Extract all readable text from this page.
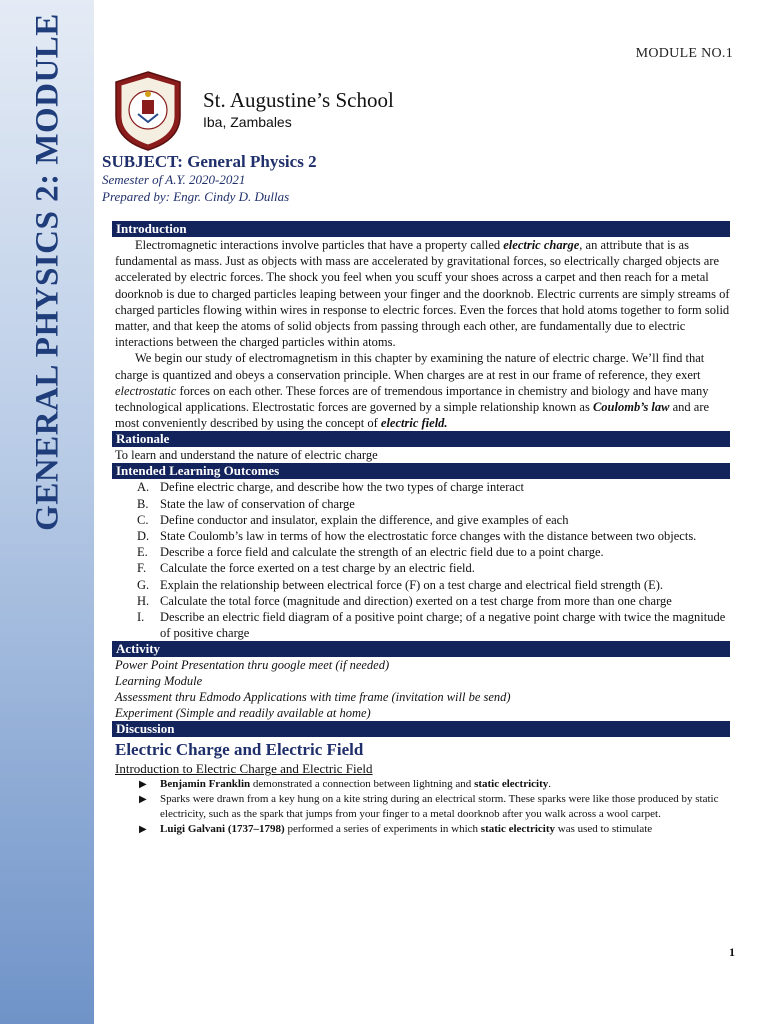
GENERAL PHYSICS 2: MODULE	MODULE NO.1
St. Augustine’s School
Iba, Zambales
SUBJECT: General Physics 2
Semester of A.Y. 2020-2021
Prepared by: Engr. Cindy D. Dullas
Introduction

Electromagnetic interactions involve particles that have a property called electric charge, an attribute that is as fundamental as mass. Just as objects with mass are accelerated by gravitational forces, so electrically charged objects are accelerated by electric forces. The shock you feel when you scuff your shoes across a carpet and then reach for a metal doorknob is due to charged particles leaping between your finger and the doorknob. Electric currents are simply streams of charged particles flowing within wires in response to electric forces. Even the forces that hold atoms together to form solid matter, and that keep the atoms of solid objects from passing through each other, are fundamentally due to electric interactions between the charged particles within atoms.

We begin our study of electromagnetism in this chapter by examining the nature of electric charge. We’ll find that charge is quantized and obeys a conservation principle. When charges are at rest in our frame of reference, they exert electrostatic forces on each other. These forces are of tremendous importance in chemistry and biology and have many technological applications. Electrostatic forces are governed by a simple relationship known as Coulomb’s law and are most conveniently described by using the concept of electric field.

Rationale

To learn and understand the nature of electric charge

Intended Learning Outcomes
A. Define electric charge, and describe how the two types of charge interact
B. State the law of conservation of charge
C. Define conductor and insulator, explain the difference, and give examples of each
D. State Coulomb’s law in terms of how the electrostatic force changes with the distance between two objects.
E. Describe a force field and calculate the strength of an electric field due to a point charge.
F. Calculate the force exerted on a test charge by an electric field.
G. Explain the relationship between electrical force (F) on a test charge and electrical field strength (E).
H. Calculate the total force (magnitude and direction) exerted on a test charge from more than one charge
I. Describe an electric field diagram of a positive point charge; of a negative point charge with twice the magnitude of positive charge
Activity

Power Point Presentation thru google meet (if needed)

Learning Module

Assessment thru Edmodo Applications with time frame (invitation will be send)

Experiment (Simple and readily available at home)

Discussion
Electric Charge and Electric Field
Introduction to Electric Charge and Electric Field
▶ Benjamin Franklin demonstrated a connection between lightning and static electricity.
▶ Sparks were drawn from a key hung on a kite string during an electrical storm. These sparks were like those produced by static electricity, such as the spark that jumps from your finger to a metal doorknob after you walk across a wool carpet.
▶ Luigi Galvani (1737–1798) performed a series of experiments in which static electricity was used to stimulate
1
